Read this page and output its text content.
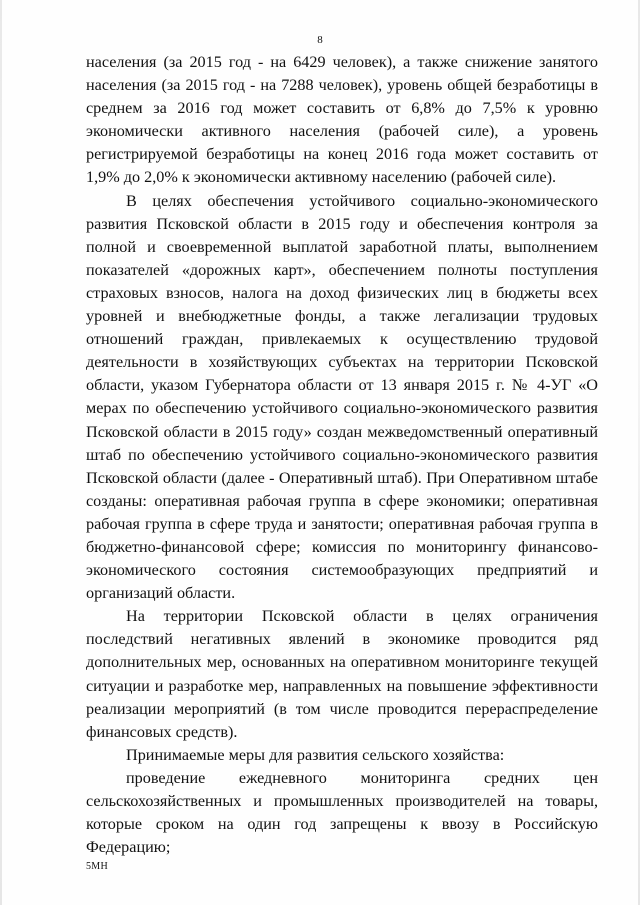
8

населения (за 2015 год - на 6429 человек), а также снижение занятого населения (за 2015 год - на 7288 человек), уровень общей безработицы в среднем за 2016 год может составить от 6,8% до 7,5% к уровню экономически активного населения (рабочей силе), а уровень регистрируемой безработицы на конец 2016 года может составить от 1,9% до 2,0% к экономически активному населению (рабочей силе).

В целях обеспечения устойчивого социально-экономического развития Псковской области в 2015 году и обеспечения контроля за полной и своевременной выплатой заработной платы, выполнением показателей «дорожных карт», обеспечением полноты поступления страховых взносов, налога на доход физических лиц в бюджеты всех уровней и внебюджетные фонды, а также легализации трудовых отношений граждан, привлекаемых к осуществлению трудовой деятельности в хозяйствующих субъектах на территории Псковской области, указом Губернатора области от 13 января 2015 г. № 4-УГ «О мерах по обеспечению устойчивого социально-экономического развития Псковской области в 2015 году» создан межведомственный оперативный штаб по обеспечению устойчивого социально-экономического развития Псковской области (далее - Оперативный штаб). При Оперативном штабе созданы: оперативная рабочая группа в сфере экономики; оперативная рабочая группа в сфере труда и занятости; оперативная рабочая группа в бюджетно-финансовой сфере; комиссия по мониторингу финансово-экономического состояния системообразующих предприятий и организаций области.

На территории Псковской области в целях ограничения последствий негативных явлений в экономике проводится ряд дополнительных мер, основанных на оперативном мониторинге текущей ситуации и разработке мер, направленных на повышение эффективности реализации мероприятий (в том числе проводится перераспределение финансовых средств).

Принимаемые меры для развития сельского хозяйства:

проведение ежедневного мониторинга средних цен сельскохозяйственных и промышленных производителей на товары, которые сроком на один год запрещены к ввозу в Российскую Федерацию;

5МН
